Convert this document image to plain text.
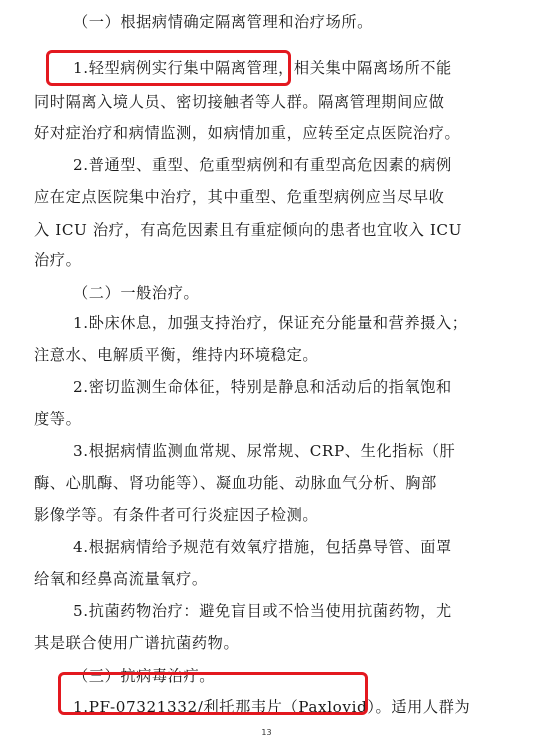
（一）根据病情确定隔离管理和治疗场所。
1.轻型病例实行集中隔离管理，相关集中隔离场所不能
同时隔离入境人员、密切接触者等人群。隔离管理期间应做
好对症治疗和病情监测，如病情加重，应转至定点医院治疗。
2.普通型、重型、危重型病例和有重型高危因素的病例
应在定点医院集中治疗，其中重型、危重型病例应当尽早收
入 ICU 治疗，有高危因素且有重症倾向的患者也宜收入 ICU
治疗。
（二）一般治疗。
1.卧床休息，加强支持治疗，保证充分能量和营养摄入；
注意水、电解质平衡，维持内环境稳定。
2.密切监测生命体征，特别是静息和活动后的指氧饱和
度等。
3.根据病情监测血常规、尿常规、CRP、生化指标（肝
酶、心肌酶、肾功能等）、凝血功能、动脉血气分析、胸部
影像学等。有条件者可行炎症因子检测。
4.根据病情给予规范有效氧疗措施，包括鼻导管、面罩
给氧和经鼻高流量氧疗。
5.抗菌药物治疗：避免盲目或不恰当使用抗菌药物，尤
其是联合使用广谱抗菌药物。
（三）抗病毒治疗。
1.PF-07321332/利托那韦片（Paxlovid）。适用人群为
13
